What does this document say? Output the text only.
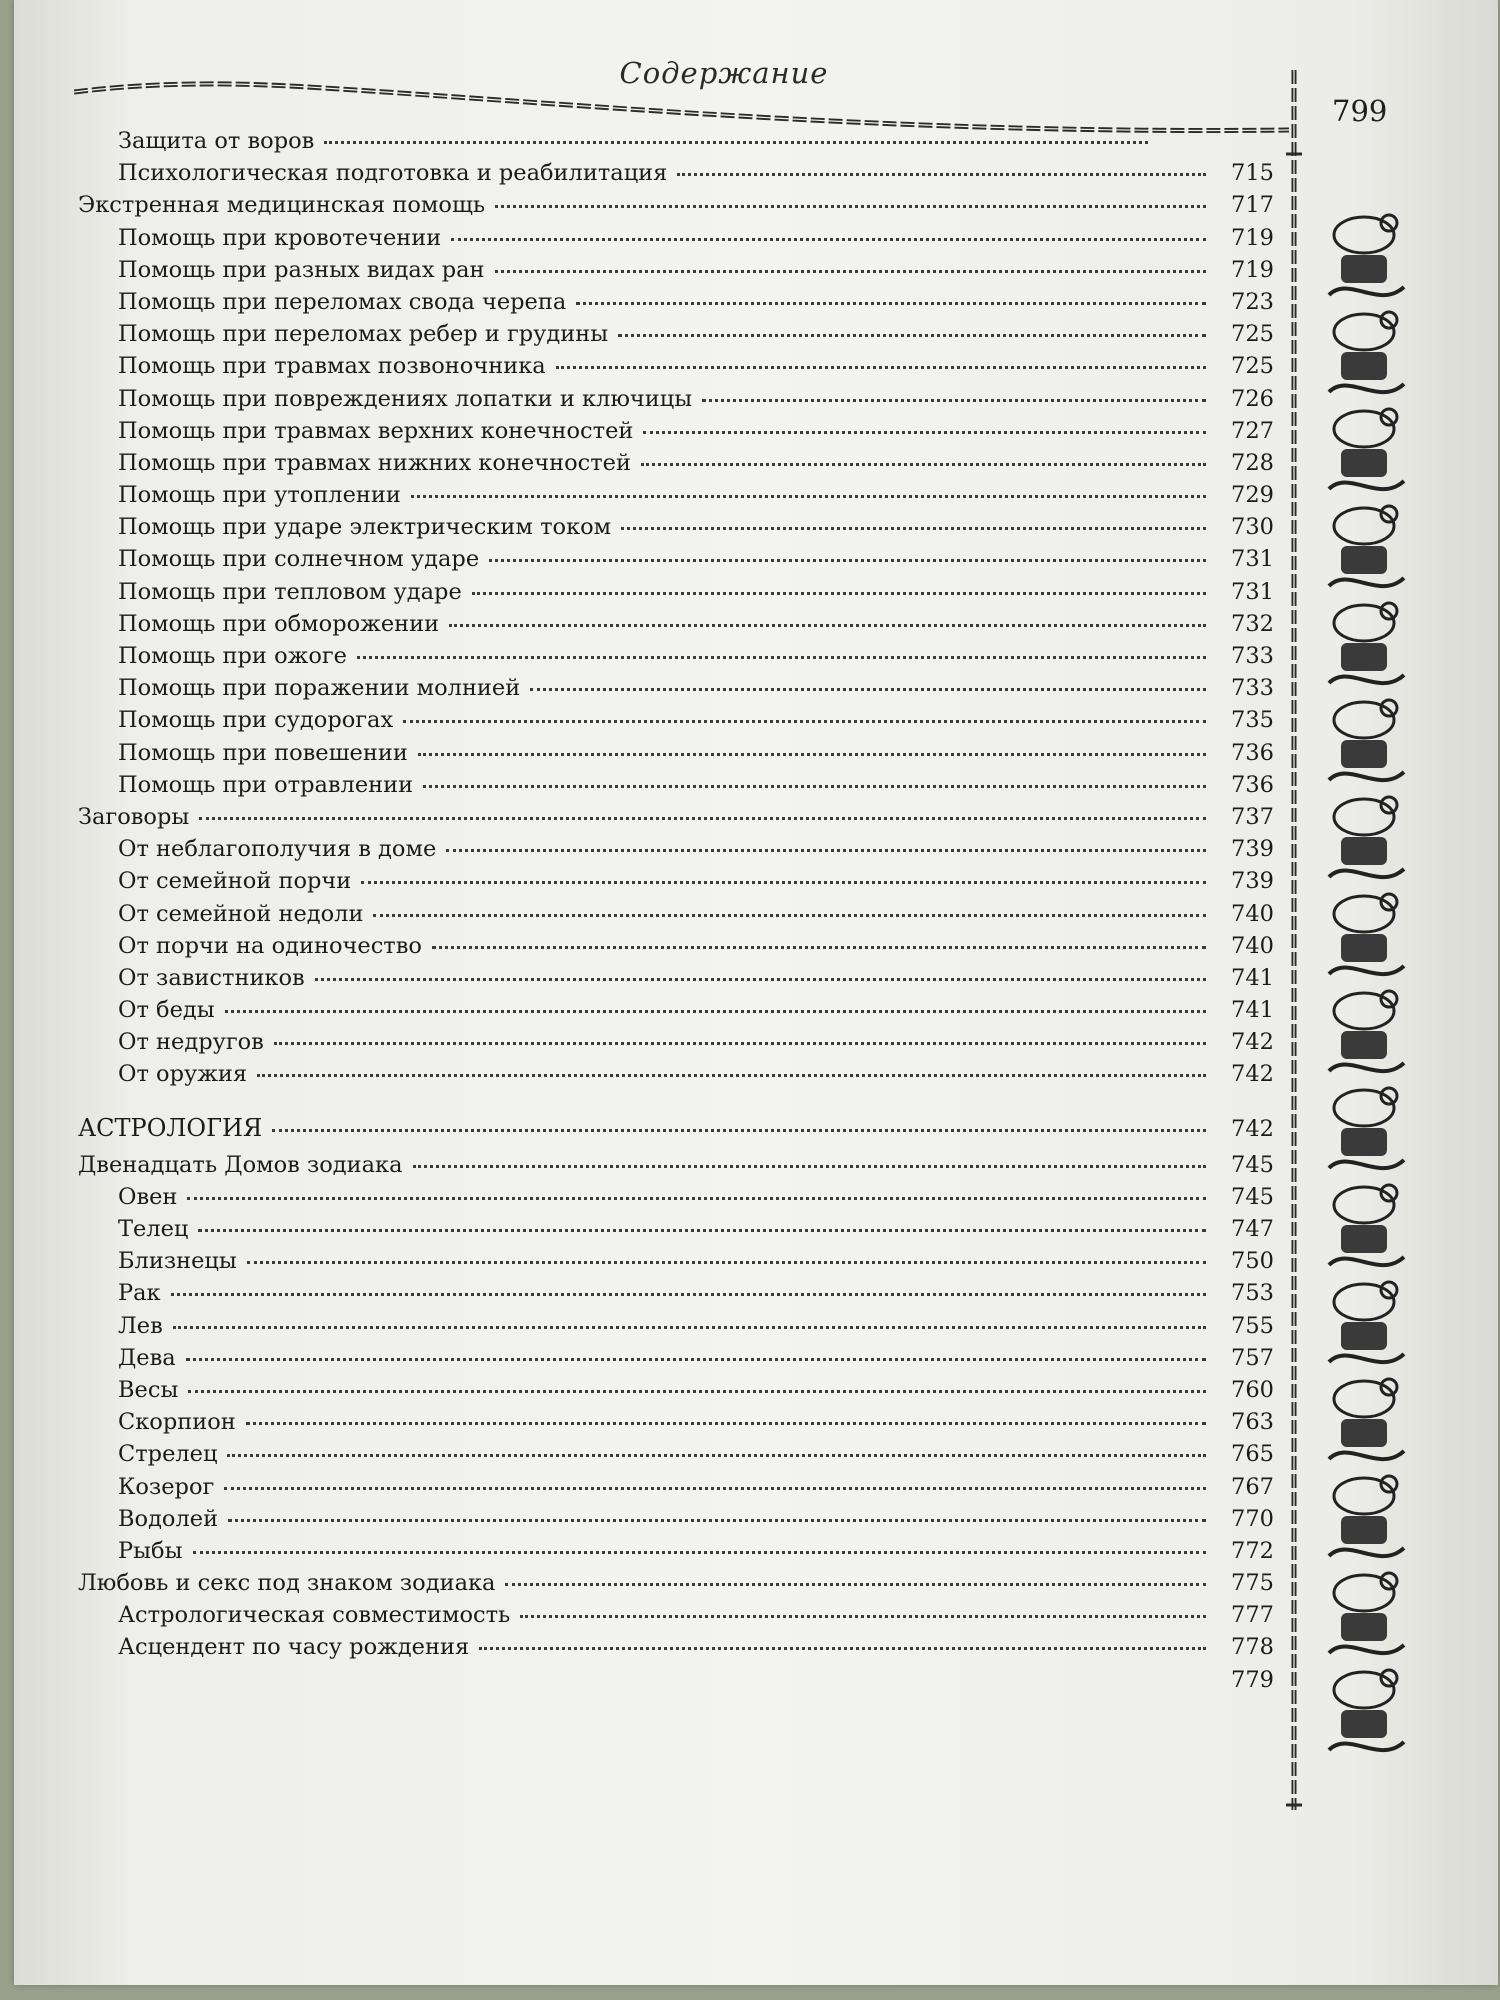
Содержание
799
Защита от воров
Психологическая подготовка и реабилитация	715
Экстренная медицинская помощь	717
Помощь при кровотечении	719
Помощь при разных видах ран	719
Помощь при переломах свода черепа	723
Помощь при переломах ребер и грудины	725
Помощь при травмах позвоночника	725
Помощь при повреждениях лопатки и ключицы	726
Помощь при травмах верхних конечностей	727
Помощь при травмах нижних конечностей	728
Помощь при утоплении	729
Помощь при ударе электрическим током	730
Помощь при солнечном ударе	731
Помощь при тепловом ударе	731
Помощь при обморожении	732
Помощь при ожоге	733
Помощь при поражении молнией	733
Помощь при судорогах	735
Помощь при повешении	736
Помощь при отравлении	736
Заговоры	737
От неблагополучия в доме	739
От семейной порчи	739
От семейной недоли	740
От порчи на одиночество	740
От завистников	741
От беды	741
От недругов	742
От оружия	742
АСТРОЛОГИЯ	742
Двенадцать Домов зодиака	745
Овен	745
Телец	747
Близнецы	750
Рак	753
Лев	755
Дева	757
Весы	760
Скорпион	763
Стрелец	765
Козерог	767
Водолей	770
Рыбы	772
Любовь и секс под знаком зодиака	775
Астрологическая совместимость	777
Асцендент по часу рождения	778
779
